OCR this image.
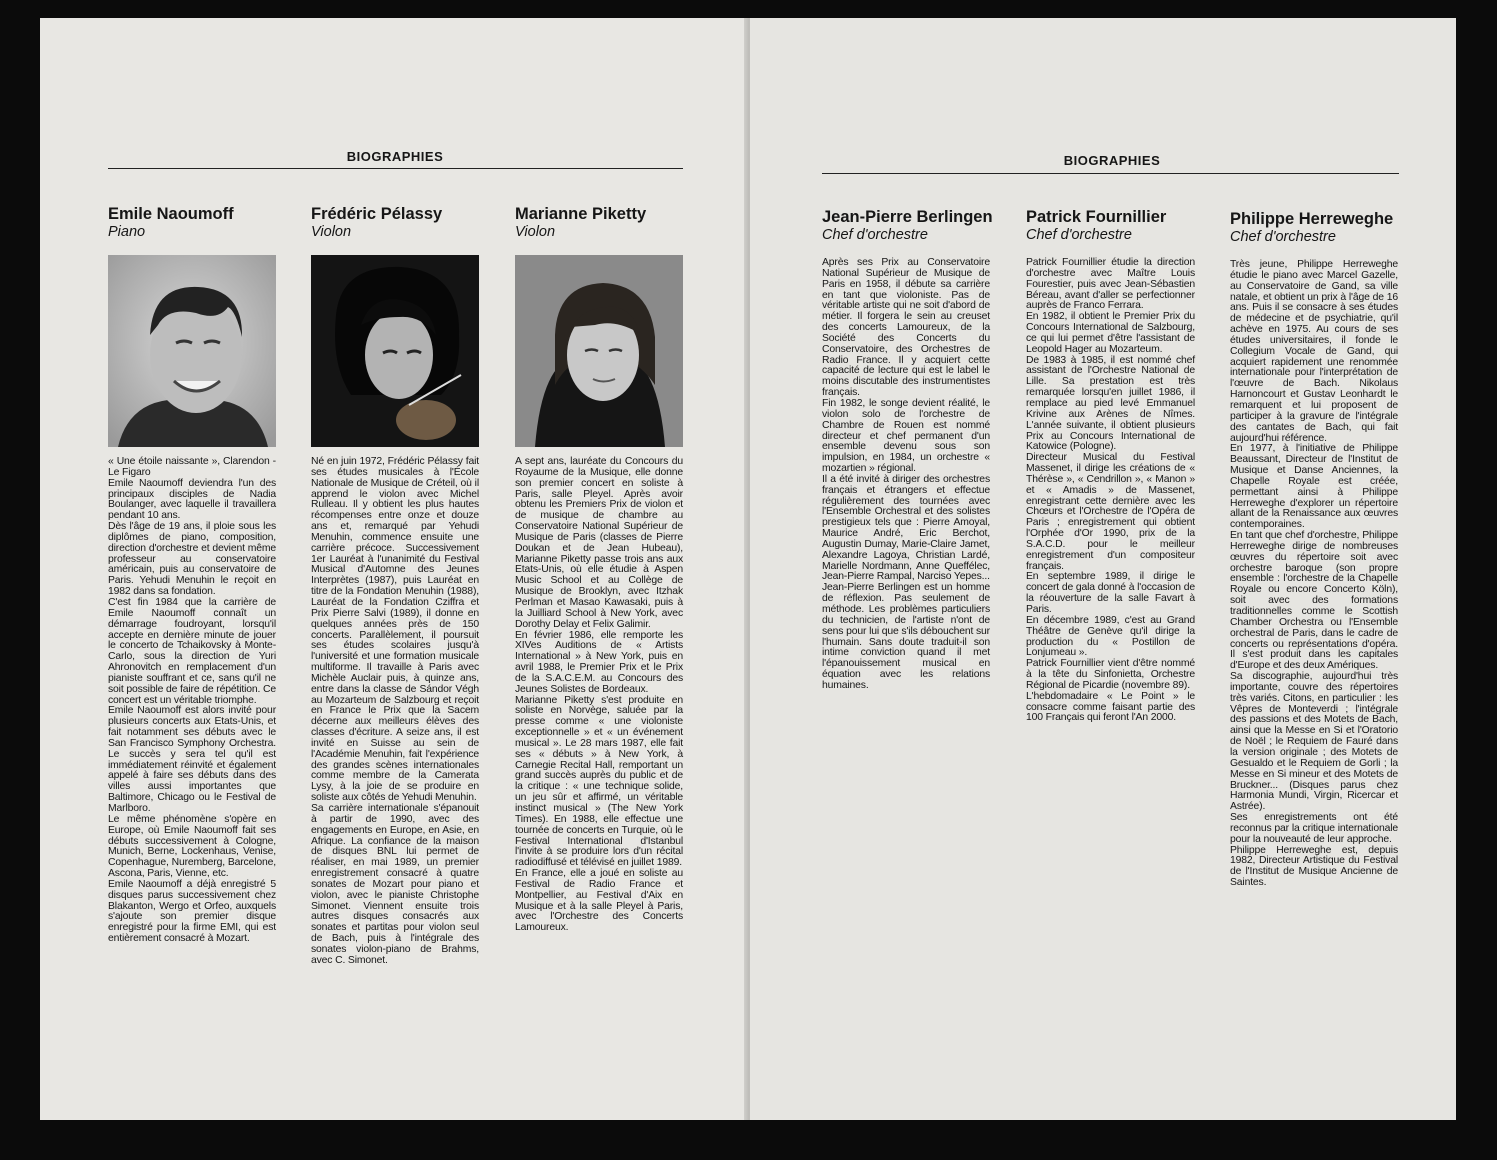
BIOGRAPHIES
Emile Naoumoff
Piano

« Une étoile naissante », Clarendon - Le Figaro

Emile Naoumoff deviendra l'un des principaux disciples de Nadia Boulanger, avec laquelle il travaillera pendant 10 ans.

Dès l'âge de 19 ans, il ploie sous les diplômes de piano, composition, direction d'orchestre et devient même professeur au conservatoire américain, puis au conservatoire de Paris. Yehudi Menuhin le reçoit en 1982 dans sa fondation.

C'est fin 1984 que la carrière de Emile Naoumoff connaît un démarrage foudroyant, lorsqu'il accepte en dernière minute de jouer le concerto de Tchaikovsky à Monte-Carlo, sous la direction de Yuri Ahronovitch en remplacement d'un pianiste souffrant et ce, sans qu'il ne soit possible de faire de répétition. Ce concert est un véritable triomphe.

Emile Naoumoff est alors invité pour plusieurs concerts aux Etats-Unis, et fait notamment ses débuts avec le San Francisco Symphony Orchestra. Le succès y sera tel qu'il est immédiatement réinvité et également appelé à faire ses débuts dans des villes aussi importantes que Baltimore, Chicago ou le Festival de Marlboro.

Le même phénomène s'opère en Europe, où Emile Naoumoff fait ses débuts successivement à Cologne, Munich, Berne, Lockenhaus, Venise, Copenhague, Nuremberg, Barcelone, Ascona, Paris, Vienne, etc.

Emile Naoumoff a déjà enregistré 5 disques parus successivement chez Blakanton, Wergo et Orfeo, auxquels s'ajoute son premier disque enregistré pour la firme EMI, qui est entièrement consacré à Mozart.

Frédéric Pélassy
Violon

Né en juin 1972, Frédéric Pélassy fait ses études musicales à l'École Nationale de Musique de Créteil, où il apprend le violon avec Michel Rulleau. Il y obtient les plus hautes récompenses entre onze et douze ans et, remarqué par Yehudi Menuhin, commence ensuite une carrière précoce. Successivement 1er Lauréat à l'unanimité du Festival Musical d'Automne des Jeunes Interprètes (1987), puis Lauréat en titre de la Fondation Menuhin (1988), Lauréat de la Fondation Cziffra et Prix Pierre Salvi (1989), il donne en quelques années près de 150 concerts. Parallèlement, il poursuit ses études scolaires jusqu'à l'université et une formation musicale multiforme. Il travaille à Paris avec Michèle Auclair puis, à quinze ans, entre dans la classe de Sándor Végh au Mozarteum de Salzbourg et reçoit en France le Prix que la Sacem décerne aux meilleurs élèves des classes d'écriture. A seize ans, il est invité en Suisse au sein de l'Académie Menuhin, fait l'expérience des grandes scènes internationales comme membre de la Camerata Lysy, à la joie de se produire en soliste aux côtés de Yehudi Menuhin.

Sa carrière internationale s'épanouit à partir de 1990, avec des engagements en Europe, en Asie, en Afrique. La confiance de la maison de disques BNL lui permet de réaliser, en mai 1989, un premier enregistrement consacré à quatre sonates de Mozart pour piano et violon, avec le pianiste Christophe Simonet. Viennent ensuite trois autres disques consacrés aux sonates et partitas pour violon seul de Bach, puis à l'intégrale des sonates violon-piano de Brahms, avec C. Simonet.

Marianne Piketty
Violon

A sept ans, lauréate du Concours du Royaume de la Musique, elle donne son premier concert en soliste à Paris, salle Pleyel. Après avoir obtenu les Premiers Prix de violon et de musique de chambre au Conservatoire National Supérieur de Musique de Paris (classes de Pierre Doukan et de Jean Hubeau), Marianne Piketty passe trois ans aux Etats-Unis, où elle étudie à Aspen Music School et au Collège de Musique de Brooklyn, avec Itzhak Perlman et Masao Kawasaki, puis à la Juilliard School à New York, avec Dorothy Delay et Felix Galimir.

En février 1986, elle remporte les XIVes Auditions de « Artists International » à New York, puis en avril 1988, le Premier Prix et le Prix de la S.A.C.E.M. au Concours des Jeunes Solistes de Bordeaux.

Marianne Piketty s'est produite en soliste en Norvège, saluée par la presse comme « une violoniste exceptionnelle » et « un événement musical ». Le 28 mars 1987, elle fait ses « débuts » à New York, à Carnegie Recital Hall, remportant un grand succès auprès du public et de la critique : « une technique solide, un jeu sûr et affirmé, un véritable instinct musical » (The New York Times). En 1988, elle effectue une tournée de concerts en Turquie, où le Festival International d'Istanbul l'invite à se produire lors d'un récital radiodiffusé et télévisé en juillet 1989.

En France, elle a joué en soliste au Festival de Radio France et Montpellier, au Festival d'Aix en Musique et à la salle Pleyel à Paris, avec l'Orchestre des Concerts Lamoureux.

BIOGRAPHIES
Jean-Pierre Berlingen
Chef d'orchestre

Après ses Prix au Conservatoire National Supérieur de Musique de Paris en 1958, il débute sa carrière en tant que violoniste. Pas de véritable artiste qui ne soit d'abord de métier. Il forgera le sein au creuset des concerts Lamoureux, de la Société des Concerts du Conservatoire, des Orchestres de Radio France. Il y acquiert cette capacité de lecture qui est le label le moins discutable des instrumentistes français.

Fin 1982, le songe devient réalité, le violon solo de l'orchestre de Chambre de Rouen est nommé directeur et chef permanent d'un ensemble devenu sous son impulsion, en 1984, un orchestre « mozartien » régional.

Il a été invité à diriger des orchestres français et étrangers et effectue régulièrement des tournées avec l'Ensemble Orchestral et des solistes prestigieux tels que : Pierre Amoyal, Maurice André, Eric Berchot, Augustin Dumay, Marie-Claire Jamet, Alexandre Lagoya, Christian Lardé, Marielle Nordmann, Anne Queffélec, Jean-Pierre Rampal, Narciso Yepes...

Jean-Pierre Berlingen est un homme de réflexion. Pas seulement de méthode. Les problèmes particuliers du technicien, de l'artiste n'ont de sens pour lui que s'ils débouchent sur l'humain. Sans doute traduit-il son intime conviction quand il met l'épanouissement musical en équation avec les relations humaines.

Patrick Fournillier
Chef d'orchestre

Patrick Fournillier étudie la direction d'orchestre avec Maître Louis Fourestier, puis avec Jean-Sébastien Béreau, avant d'aller se perfectionner auprès de Franco Ferrara.

En 1982, il obtient le Premier Prix du Concours International de Salzbourg, ce qui lui permet d'être l'assistant de Leopold Hager au Mozarteum.

De 1983 à 1985, il est nommé chef assistant de l'Orchestre National de Lille. Sa prestation est très remarquée lorsqu'en juillet 1986, il remplace au pied levé Emmanuel Krivine aux Arènes de Nîmes. L'année suivante, il obtient plusieurs Prix au Concours International de Katowice (Pologne).

Directeur Musical du Festival Massenet, il dirige les créations de « Thérèse », « Cendrillon », « Manon » et « Amadis » de Massenet, enregistrant cette dernière avec les Chœurs et l'Orchestre de l'Opéra de Paris ; enregistrement qui obtient l'Orphée d'Or 1990, prix de la S.A.C.D. pour le meilleur enregistrement d'un compositeur français.

En septembre 1989, il dirige le concert de gala donné à l'occasion de la réouverture de la salle Favart à Paris.

En décembre 1989, c'est au Grand Théâtre de Genève qu'il dirige la production du « Postillon de Lonjumeau ».

Patrick Fournillier vient d'être nommé à la tête du Sinfonietta, Orchestre Régional de Picardie (novembre 89).

L'hebdomadaire « Le Point » le consacre comme faisant partie des 100 Français qui feront l'An 2000.

Philippe Herreweghe
Chef d'orchestre

Très jeune, Philippe Herreweghe étudie le piano avec Marcel Gazelle, au Conservatoire de Gand, sa ville natale, et obtient un prix à l'âge de 16 ans. Puis il se consacre à ses études de médecine et de psychiatrie, qu'il achève en 1975. Au cours de ses études universitaires, il fonde le Collegium Vocale de Gand, qui acquiert rapidement une renommée internationale pour l'interprétation de l'œuvre de Bach. Nikolaus Harnoncourt et Gustav Leonhardt le remarquent et lui proposent de participer à la gravure de l'intégrale des cantates de Bach, qui fait aujourd'hui référence.

En 1977, à l'initiative de Philippe Beaussant, Directeur de l'Institut de Musique et Danse Anciennes, la Chapelle Royale est créée, permettant ainsi à Philippe Herreweghe d'explorer un répertoire allant de la Renaissance aux œuvres contemporaines.

En tant que chef d'orchestre, Philippe Herreweghe dirige de nombreuses œuvres du répertoire soit avec orchestre baroque (son propre ensemble : l'orchestre de la Chapelle Royale ou encore Concerto Köln), soit avec des formations traditionnelles comme le Scottish Chamber Orchestra ou l'Ensemble orchestral de Paris, dans le cadre de concerts ou représentations d'opéra. Il s'est produit dans les capitales d'Europe et des deux Amériques.

Sa discographie, aujourd'hui très importante, couvre des répertoires très variés. Citons, en particulier : les Vêpres de Monteverdi ; l'intégrale des passions et des Motets de Bach, ainsi que la Messe en Si et l'Oratorio de Noël ; le Requiem de Fauré dans la version originale ; des Motets de Gesualdo et le Requiem de Gorli ; la Messe en Si mineur et des Motets de Bruckner... (Disques parus chez Harmonia Mundi, Virgin, Ricercar et Astrée).

Ses enregistrements ont été reconnus par la critique internationale pour la nouveauté de leur approche.

Philippe Herreweghe est, depuis 1982, Directeur Artistique du Festival de l'Institut de Musique Ancienne de Saintes.
